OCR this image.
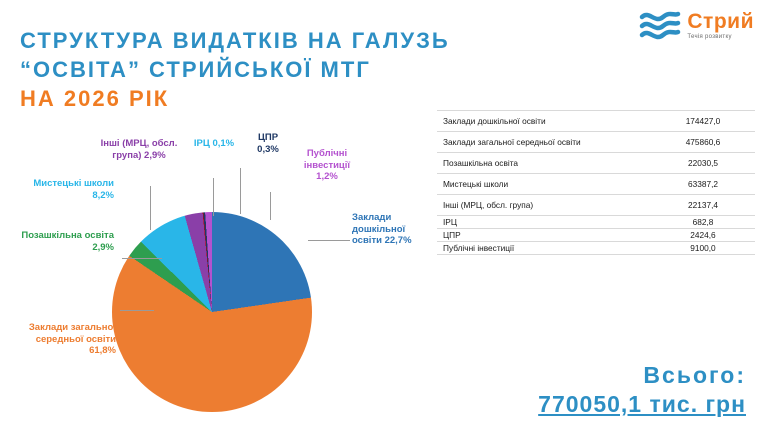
Стрий
Течія розвитку
СТРУКТУРА ВИДАТКІВ НА ГАЛУЗЬ
“ОСВІТА” СТРИЙСЬКОЇ МТГ
НА 2026 РІК
Заклади дошкільної освіти	174427,0
Заклади загальної середньої освіти	475860,6
Позашкільна освіта	22030,5
Мистецькі школи	63387,2
Інші (МРЦ, обсл. група)	22137,4
ІРЦ	682,8
ЦПР	2424,6
Публічні інвестиції	9100,0
Заклади дошкільної освіти 22,7%
Заклади загальної середньої освіти 61,8%
Позашкільна освіта 2,9%
Мистецькі школи 8,2%
Інші (МРЦ, обсл. група) 2,9%
ІРЦ 0,1%
ЦПР 0,3%	Публічні інвестиції 1,2%
Всього:
770050,1 тис. грн
